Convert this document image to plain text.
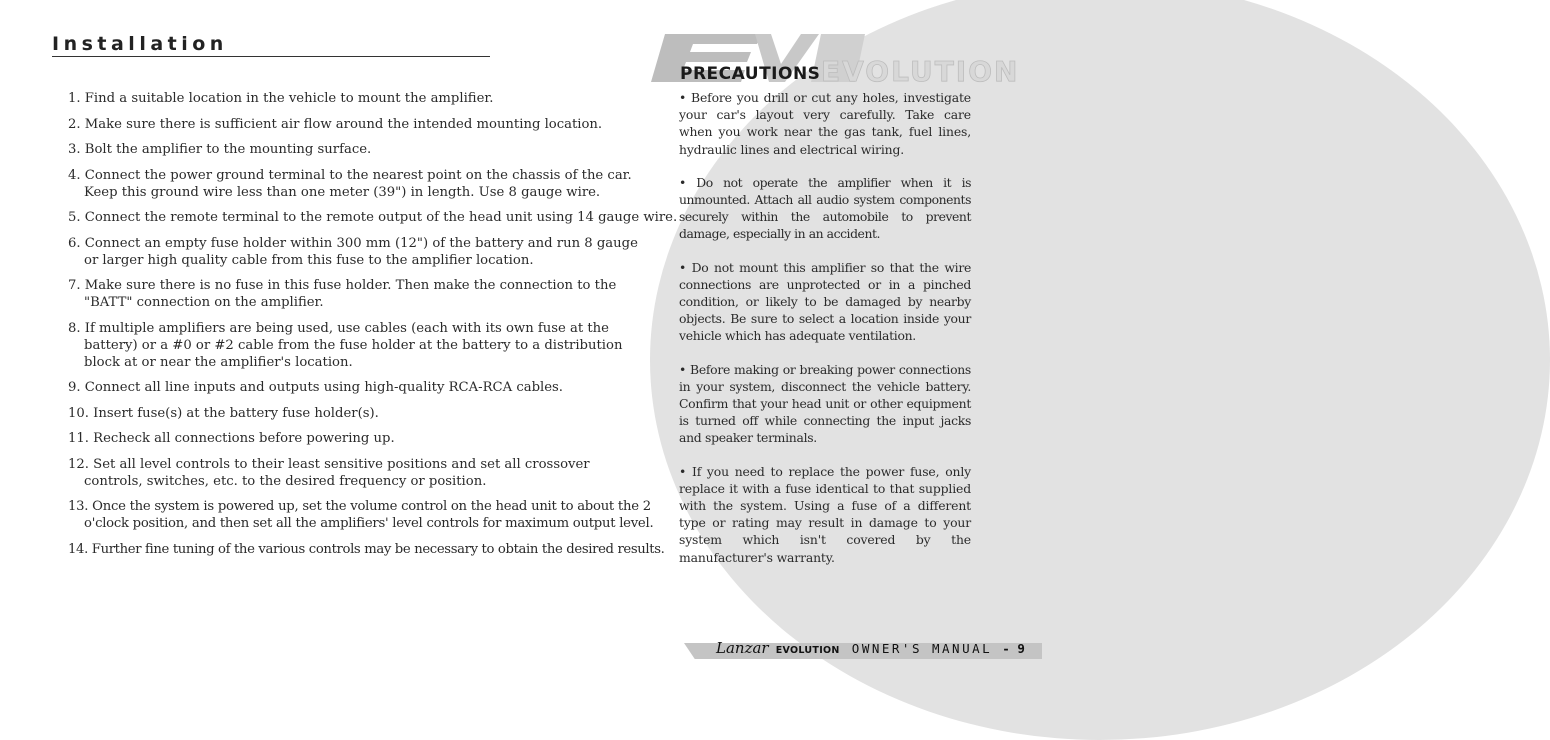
Installation
1. Find a suitable location in the vehicle to mount the amplifier.
2. Make sure there is sufficient air flow around the intended mounting location.
3. Bolt the amplifier to the mounting surface.
4. Connect the power ground terminal to the nearest point on the chassis of the car. Keep this ground wire less than one meter (39") in length. Use 8 gauge wire.
5. Connect the remote terminal to the remote output of the head unit using 14 gauge wire.
6. Connect an empty fuse holder within 300 mm (12") of the battery and run 8 gauge or larger high quality cable from this fuse to the amplifier location.
7. Make sure there is no fuse in this fuse holder. Then make the connection to the "BATT" connection on the amplifier.
8. If multiple amplifiers are being used, use cables (each with its own fuse at the battery) or a #0 or #2 cable from the fuse holder at the battery to a distribution block at or near the amplifier's location.
9. Connect all line inputs and outputs using high-quality RCA-RCA cables.
10. Insert fuse(s) at the battery fuse holder(s).
11. Recheck all connections before powering up.
12. Set all level controls to their least sensitive positions and set all crossover controls, switches, etc. to the desired frequency or position.
13. Once the system is powered up, set the volume control on the head unit to about the 2 o'clock position, and then set all the amplifiers' level controls for maximum output level.
14. Further fine tuning of the various controls may be necessary to obtain the desired results.
EVOLUTION
PRECAUTIONS

• Before you drill or cut any holes, investigate your car's layout very carefully. Take care when you work near the gas tank, fuel lines, hydraulic lines and electrical wiring.

• Do not operate the amplifier when it is unmounted. Attach all audio system components securely within the automobile to prevent damage, especially in an accident.

• Do not mount this amplifier so that the wire connections are unprotected or in a pinched condition, or likely to be damaged by nearby objects. Be sure to select a location inside your vehicle which has adequate ventilation.

• Before making or breaking power connections in your system, disconnect the vehicle battery. Confirm that your head unit or other equipment is turned off while connecting the input jacks and speaker terminals.

• If you need to replace the power fuse, only replace it with a fuse identical to that supplied with the system. Using a fuse of a different type or rating may result in damage to your system which isn't covered by the manufacturer's warranty.

Lanzar EVOLUTION OWNER'S MANUAL - 9
